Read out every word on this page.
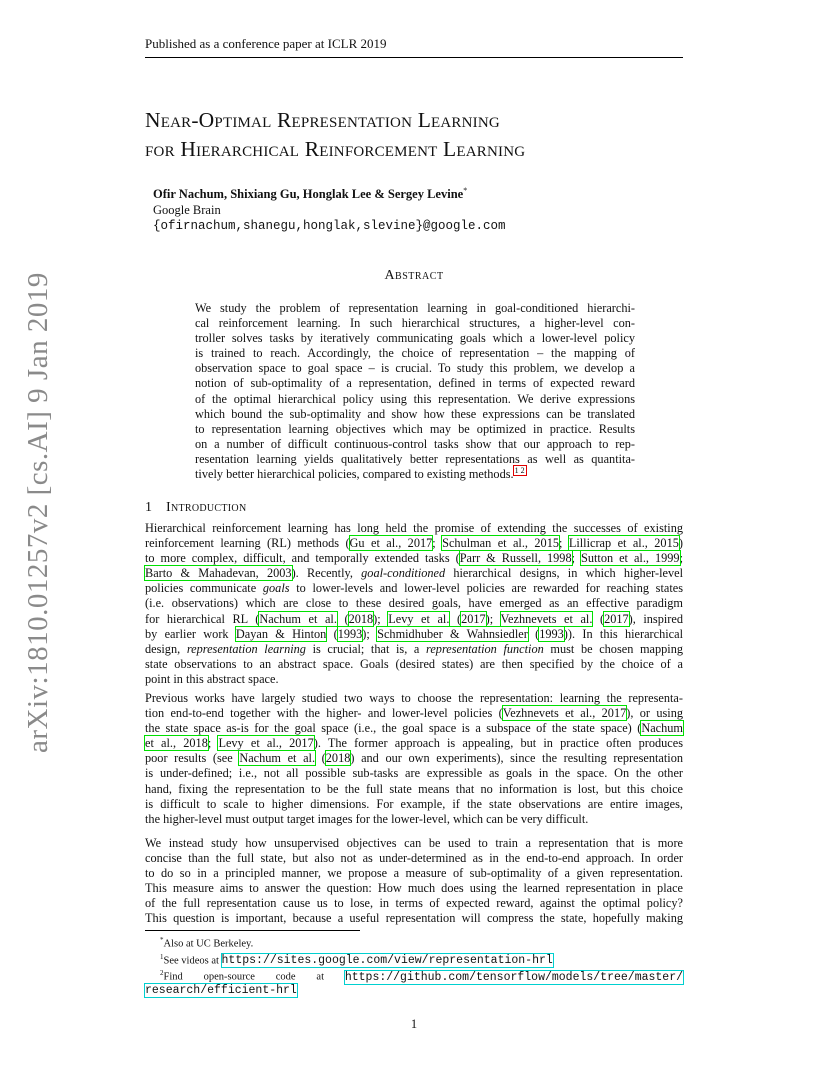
arXiv:1810.01257v2 [cs.AI] 9 Jan 2019
Published as a conference paper at ICLR 2019
Near-Optimal Representation Learning
for Hierarchical Reinforcement Learning
Ofir Nachum, Shixiang Gu, Honglak Lee & Sergey Levine*
Google Brain
{ofirnachum,shanegu,honglak,slevine}@google.com
Abstract
We study the problem of representation learning in goal-conditioned hierarchi-
cal reinforcement learning. In such hierarchical structures, a higher-level con-
troller solves tasks by iteratively communicating goals which a lower-level policy
is trained to reach. Accordingly, the choice of representation – the mapping of
observation space to goal space – is crucial. To study this problem, we develop a
notion of sub-optimality of a representation, defined in terms of expected reward
of the optimal hierarchical policy using this representation. We derive expressions
which bound the sub-optimality and show how these expressions can be translated
to representation learning objectives which may be optimized in practice. Results
on a number of difficult continuous-control tasks show that our approach to rep-
resentation learning yields qualitatively better representations as well as quantita-
tively better hierarchical policies, compared to existing methods.$^{1 2}$
1 Introduction
Hierarchical reinforcement learning has long held the promise of extending the successes of existing
reinforcement learning (RL) methods (Gu et al., 2017; Schulman et al., 2015; Lillicrap et al., 2015)
to more complex, difficult, and temporally extended tasks (Parr & Russell, 1998; Sutton et al., 1999;
Barto & Mahadevan, 2003). Recently, goal-conditioned hierarchical designs, in which higher-level
policies communicate goals to lower-levels and lower-level policies are rewarded for reaching states
(i.e. observations) which are close to these desired goals, have emerged as an effective paradigm
for hierarchical RL (Nachum et al. (2018); Levy et al. (2017); Vezhnevets et al. (2017), inspired
by earlier work Dayan & Hinton (1993); Schmidhuber & Wahnsiedler (1993)). In this hierarchical
design, representation learning is crucial; that is, a representation function must be chosen mapping
state observations to an abstract space. Goals (desired states) are then specified by the choice of a
point in this abstract space.
Previous works have largely studied two ways to choose the representation: learning the representa-
tion end-to-end together with the higher- and lower-level policies (Vezhnevets et al., 2017), or using
the state space as-is for the goal space (i.e., the goal space is a subspace of the state space) (Nachum
et al., 2018; Levy et al., 2017). The former approach is appealing, but in practice often produces
poor results (see Nachum et al. (2018) and our own experiments), since the resulting representation
is under-defined; i.e., not all possible sub-tasks are expressible as goals in the space. On the other
hand, fixing the representation to be the full state means that no information is lost, but this choice
is difficult to scale to higher dimensions. For example, if the state observations are entire images,
the higher-level must output target images for the lower-level, which can be very difficult.
We instead study how unsupervised objectives can be used to train a representation that is more
concise than the full state, but also not as under-determined as in the end-to-end approach. In order
to do so in a principled manner, we propose a measure of sub-optimality of a given representation.
This measure aims to answer the question: How much does using the learned representation in place
of the full representation cause us to lose, in terms of expected reward, against the optimal policy?
This question is important, because a useful representation will compress the state, hopefully making
*Also at UC Berkeley.
$^1$See videos at https://sites.google.com/view/representation-hrl
$^2$Find open-source code at https://github.com/tensorflow/models/tree/master/
research/efficient-hrl
1
